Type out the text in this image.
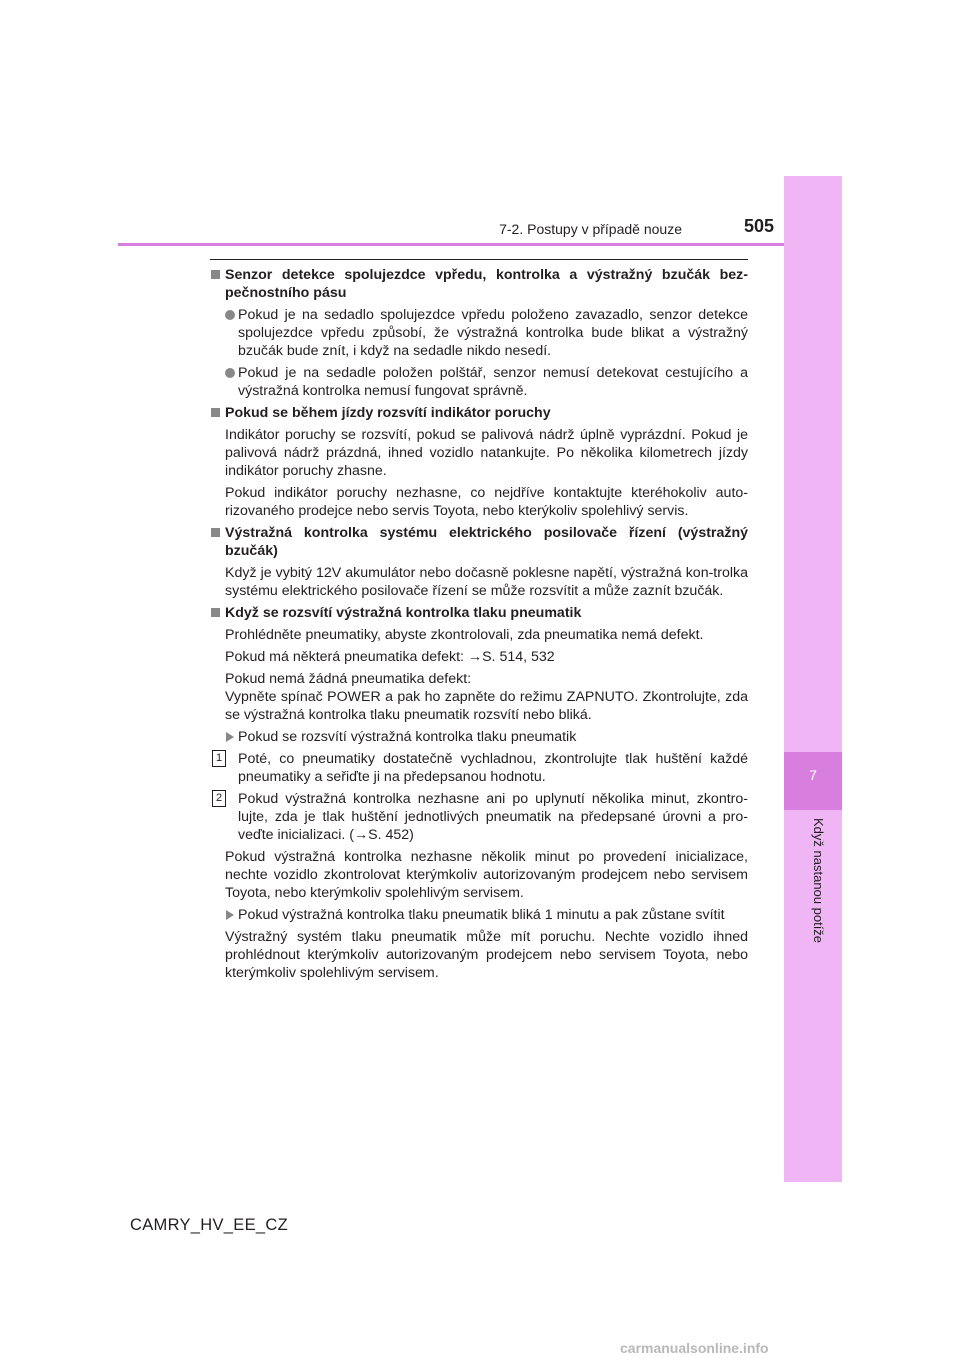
7
Když nastanou potíže
7-2. Postupy v případě nouze	505
Senzor detekce spolujezdce vpředu, kontrolka a výstražný bzučák bez-pečnostního pásu
Pokud je na sedadlo spolujezdce vpředu položeno zavazadlo, senzor detekce spolujezdce vpředu způsobí, že výstražná kontrolka bude blikat a výstražný bzučák bude znít, i když na sedadle nikdo nesedí.
Pokud je na sedadle položen polštář, senzor nemusí detekovat cestujícího a výstražná kontrolka nemusí fungovat správně.
Pokud se během jízdy rozsvítí indikátor poruchy
Indikátor poruchy se rozsvítí, pokud se palivová nádrž úplně vyprázdní. Pokud je palivová nádrž prázdná, ihned vozidlo natankujte. Po několika kilometrech jízdy indikátor poruchy zhasne.
Pokud indikátor poruchy nezhasne, co nejdříve kontaktujte kteréhokoliv auto-rizovaného prodejce nebo servis Toyota, nebo kterýkoliv spolehlivý servis.
Výstražná kontrolka systému elektrického posilovače řízení (výstražný bzučák)
Když je vybitý 12V akumulátor nebo dočasně poklesne napětí, výstražná kon-trolka systému elektrického posilovače řízení se může rozsvítit a může zaznít bzučák.
Když se rozsvítí výstražná kontrolka tlaku pneumatik
Prohlédněte pneumatiky, abyste zkontrolovali, zda pneumatika nemá defekt.
Pokud má některá pneumatika defekt: →S. 514, 532
Pokud nemá žádná pneumatika defekt:
Vypněte spínač POWER a pak ho zapněte do režimu ZAPNUTO. Zkontrolujte, zda se výstražná kontrolka tlaku pneumatik rozsvítí nebo bliká.
Pokud se rozsvítí výstražná kontrolka tlaku pneumatik
1 Poté, co pneumatiky dostatečně vychladnou, zkontrolujte tlak huštění každé pneumatiky a seřiďte ji na předepsanou hodnotu.
2 Pokud výstražná kontrolka nezhasne ani po uplynutí několika minut, zkontro-lujte, zda je tlak huštění jednotlivých pneumatik na předepsané úrovni a pro-veďte inicializaci. (→S. 452)
Pokud výstražná kontrolka nezhasne několik minut po provedení inicializace, nechte vozidlo zkontrolovat kterýmkoliv autorizovaným prodejcem nebo servisem Toyota, nebo kterýmkoliv spolehlivým servisem.
Pokud výstražná kontrolka tlaku pneumatik bliká 1 minutu a pak zůstane svítit
Výstražný systém tlaku pneumatik může mít poruchu. Nechte vozidlo ihned prohlédnout kterýmkoliv autorizovaným prodejcem nebo servisem Toyota, nebo kterýmkoliv spolehlivým servisem.
CAMRY_HV_EE_CZ
carmanualsonline.info
